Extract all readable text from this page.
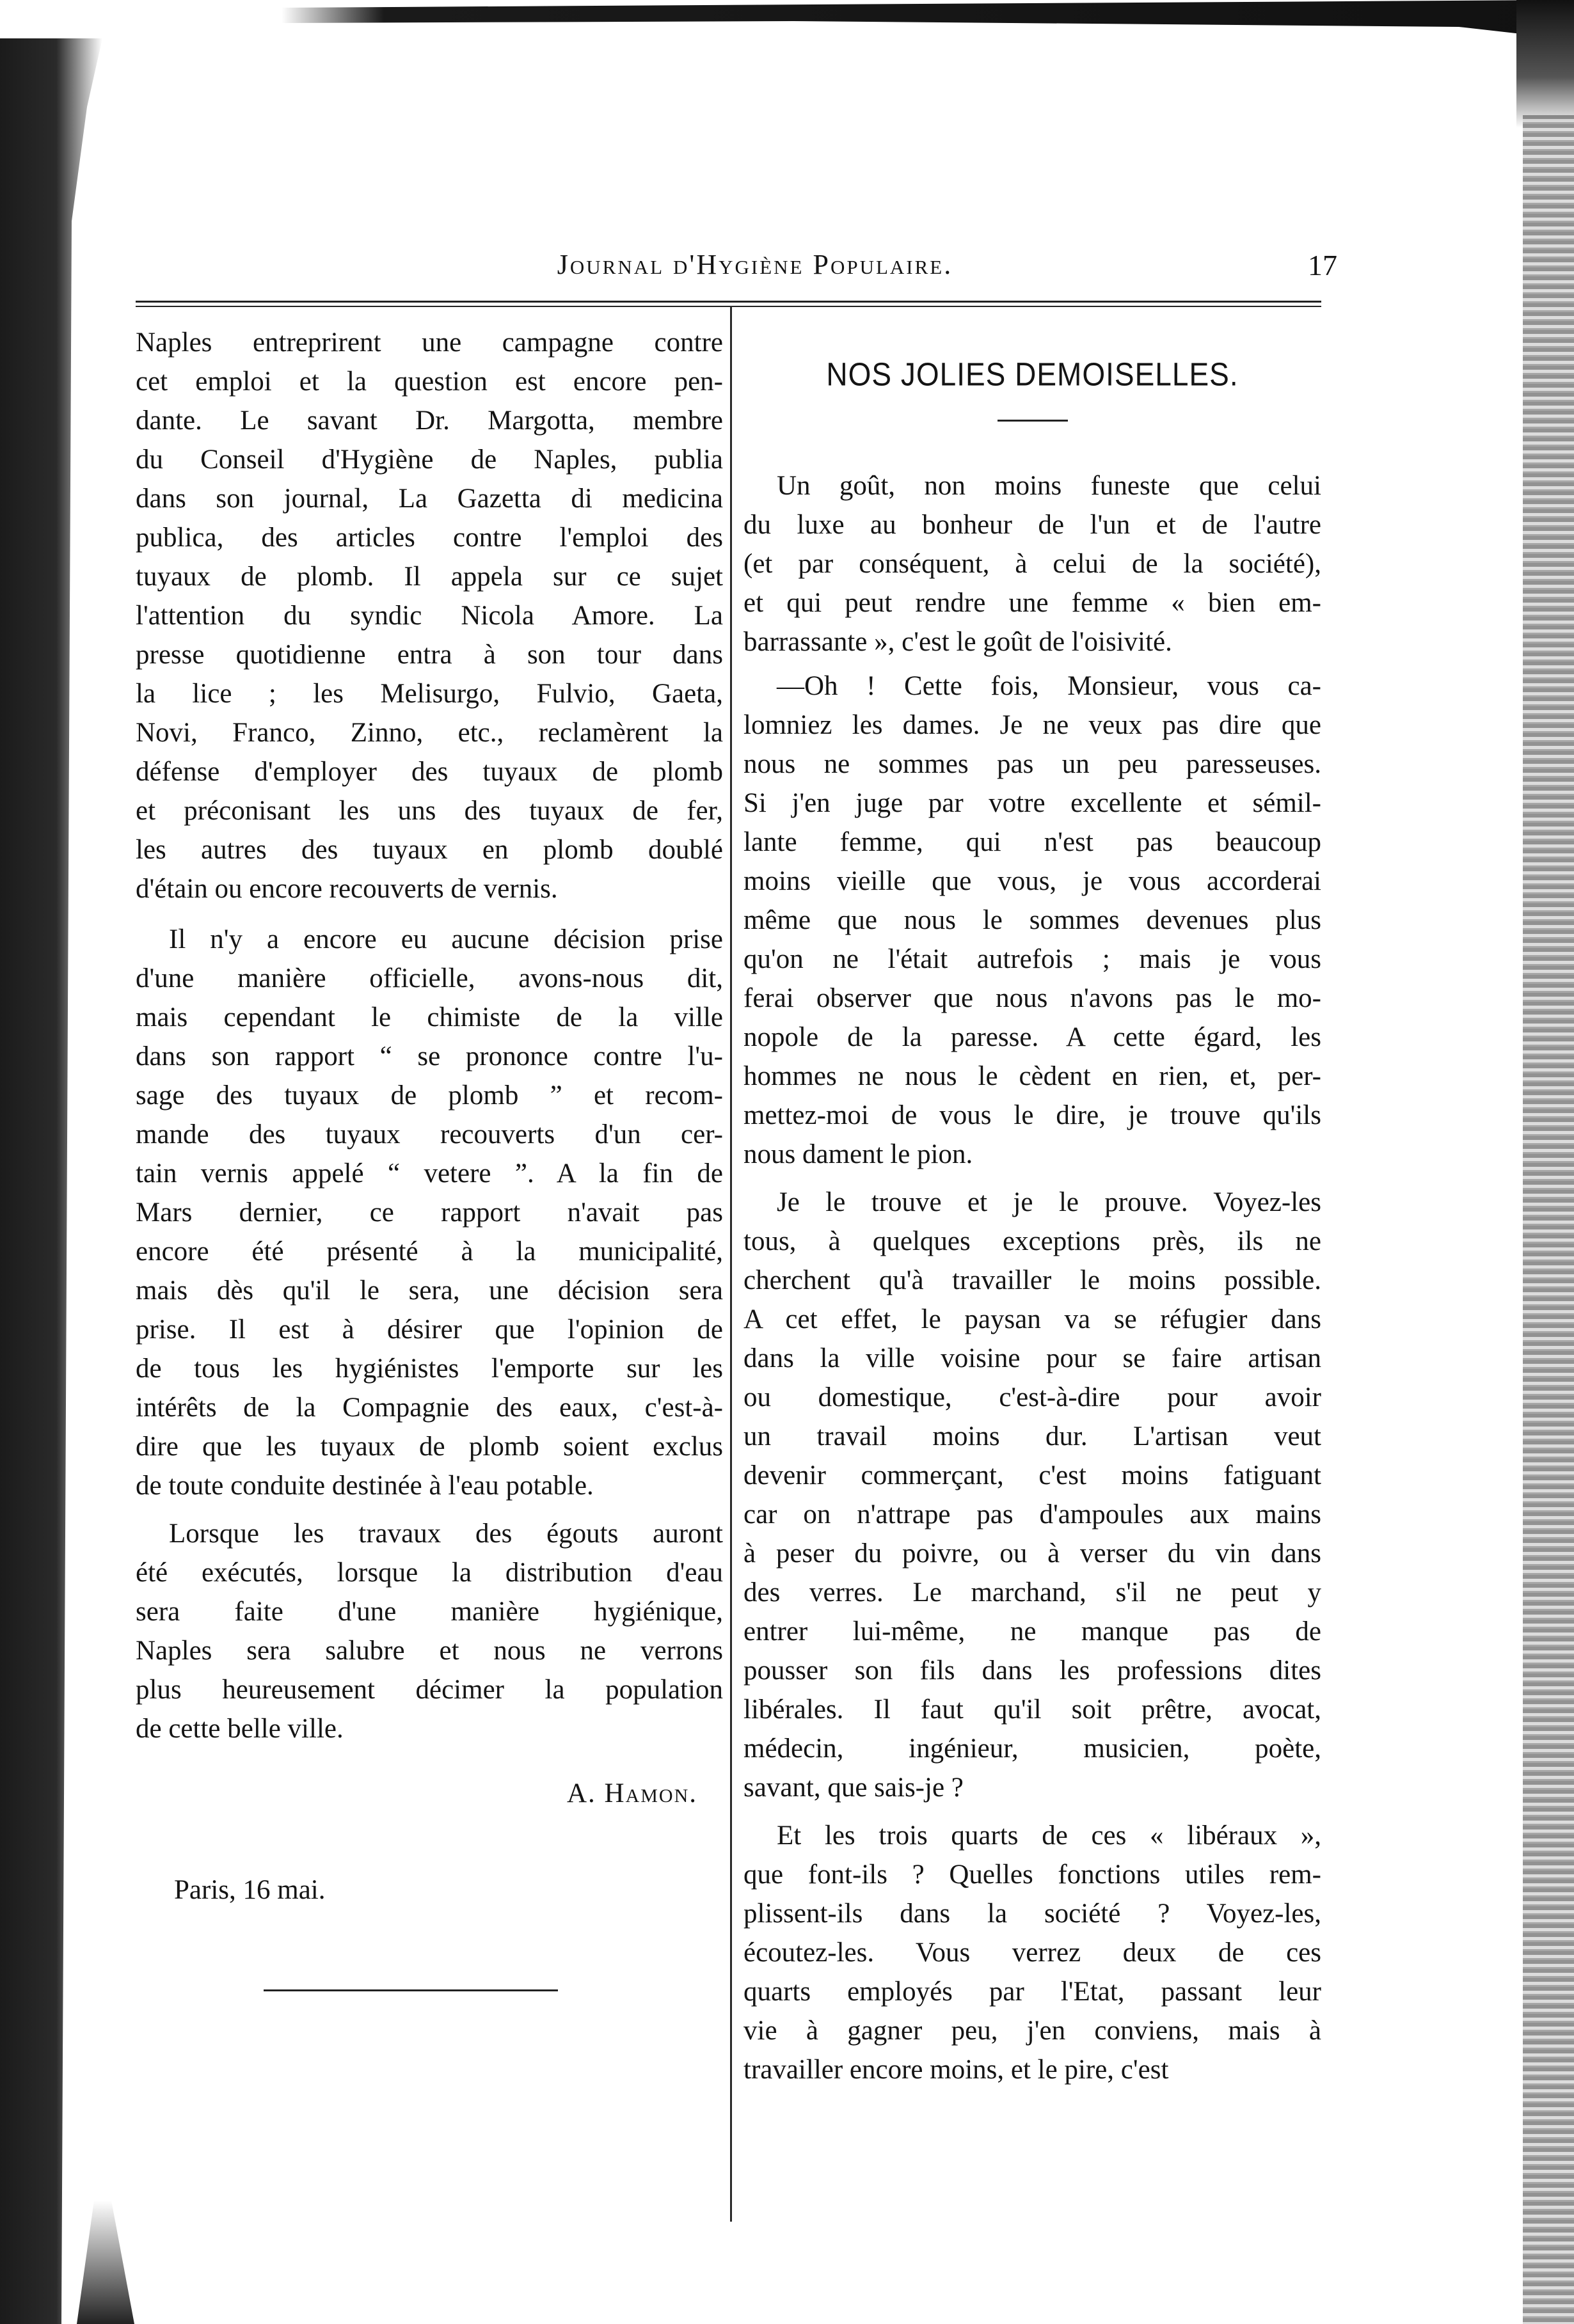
Journal d'Hygiène Populaire.	17
Naples entreprirent une campagne contre
cet emploi et la question est encore pen-
dante. Le savant Dr. Margotta, membre
du Conseil d'Hygiène de Naples, publia
dans son journal, La Gazetta di medicina
publica, des articles contre l'emploi des
tuyaux de plomb. Il appela sur ce sujet
l'attention du syndic Nicola Amore. La
presse quotidienne entra à son tour dans
la lice ; les Melisurgo, Fulvio, Gaeta,
Novi, Franco, Zinno, etc., reclamèrent la
défense d'employer des tuyaux de plomb
et préconisant les uns des tuyaux de fer,
les autres des tuyaux en plomb doublé
d'étain ou encore recouverts de vernis.
Il n'y a encore eu aucune décision prise
d'une manière officielle, avons-nous dit,
mais cependant le chimiste de la ville
dans son rapport “ se prononce contre l'u-
sage des tuyaux de plomb ” et recom-
mande des tuyaux recouverts d'un cer-
tain vernis appelé “ vetere ”. A la fin de
Mars dernier, ce rapport n'avait pas
encore été présenté à la municipalité,
mais dès qu'il le sera, une décision sera
prise. Il est à désirer que l'opinion de
de tous les hygiénistes l'emporte sur les
intérêts de la Compagnie des eaux, c'est-à-
dire que les tuyaux de plomb soient exclus
de toute conduite destinée à l'eau potable.
Lorsque les travaux des égouts auront
été exécutés, lorsque la distribution d'eau
sera faite d'une manière hygiénique,
Naples sera salubre et nous ne verrons
plus heureusement décimer la population
de cette belle ville.
A. Hamon.
Paris, 16 mai.
NOS JOLIES DEMOISELLES.
Un goût, non moins funeste que celui
du luxe au bonheur de l'un et de l'autre
(et par conséquent, à celui de la société),
et qui peut rendre une femme « bien em-
barrassante », c'est le goût de l'oisivité.
—Oh ! Cette fois, Monsieur, vous ca-
lomniez les dames. Je ne veux pas dire que
nous ne sommes pas un peu paresseuses.
Si j'en juge par votre excellente et sémil-
lante femme, qui n'est pas beaucoup
moins vieille que vous, je vous accorderai
même que nous le sommes devenues plus
qu'on ne l'était autrefois ; mais je vous
ferai observer que nous n'avons pas le mo-
nopole de la paresse. A cette égard, les
hommes ne nous le cèdent en rien, et, per-
mettez-moi de vous le dire, je trouve qu'ils
nous dament le pion.
Je le trouve et je le prouve. Voyez-les
tous, à quelques exceptions près, ils ne
cherchent qu'à travailler le moins possible.
A cet effet, le paysan va se réfugier dans
dans la ville voisine pour se faire artisan
ou domestique, c'est-à-dire pour avoir
un travail moins dur. L'artisan veut
devenir commerçant, c'est moins fatiguant
car on n'attrape pas d'ampoules aux mains
à peser du poivre, ou à verser du vin dans
des verres. Le marchand, s'il ne peut y
entrer lui-même, ne manque pas de
pousser son fils dans les professions dites
libérales. Il faut qu'il soit prêtre, avocat,
médecin, ingénieur, musicien, poète,
savant, que sais-je ?
Et les trois quarts de ces « libéraux »,
que font-ils ? Quelles fonctions utiles rem-
plissent-ils dans la société ? Voyez-les,
écoutez-les. Vous verrez deux de ces
quarts employés par l'Etat, passant leur
vie à gagner peu, j'en conviens, mais à
travailler encore moins, et le pire, c'est
